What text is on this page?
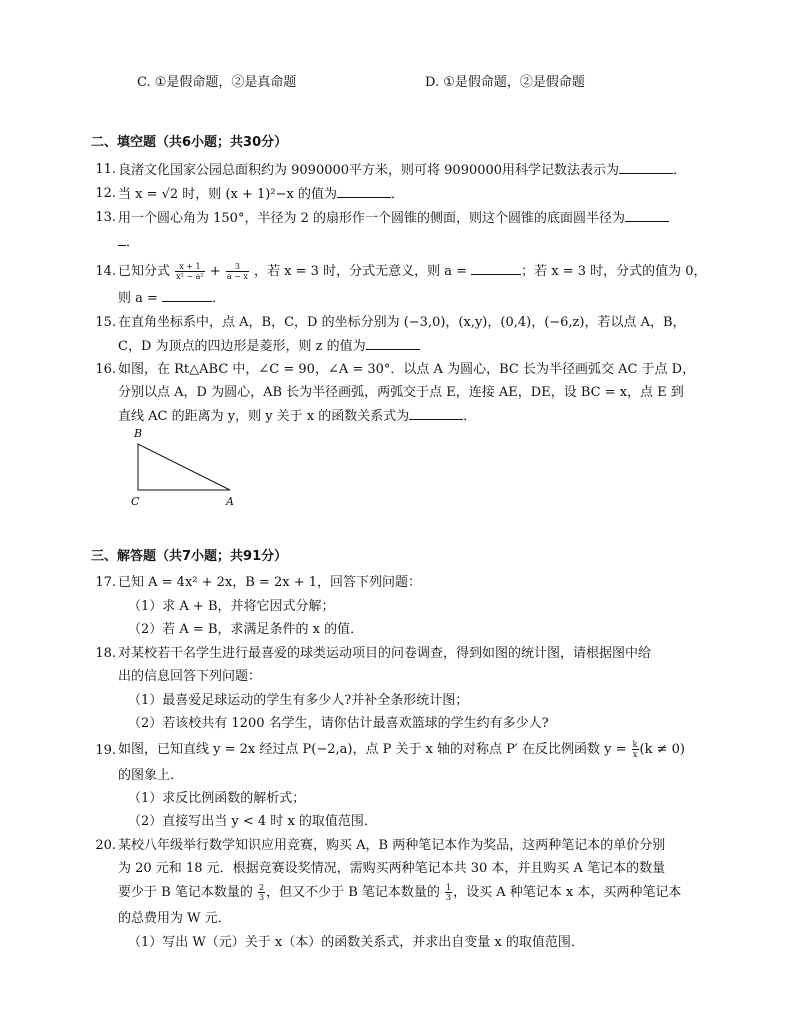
C. ①是假命题，②是真命题	D. ①是假命题，②是假命题
二、填空题（共6小题；共30分）
11. 良渚文化国家公园总面积约为 9090000平方米，则可将 9090000用科学记数法表示为	．
12. 当 x = √2 时，则 (x + 1)²−x 的值为	．
13. 用一个圆心角为 150°，半径为 2 的扇形作一个圆锥的侧面，则这个圆锥的底面圆半径为
．
14. 已知分式 $\frac{x + 1}{\text{x² − a²}} + \frac{3}{a - x}$ ，若 x = 3 时，分式无意义，则 a =	；若 x = 3 时，分式的值为 0，
则 a =	．
15. 在直角坐标系中，点 A，B，C，D 的坐标分别为 (−3,0)，(x,y)，(0,4)，(−6,z)，若以点 A，B，
C，D 为顶点的四边形是菱形，则 z 的值为
16. 如图，在 Rt△ABC 中，∠C = 90，∠A = 30°．以点 A 为圆心，BC 长为半径画弧交 AC 于点 D，
分别以点 A，D 为圆心，AB 长为半径画弧，两弧交于点 E，连接 AE，DE，设 BC = x，点 E 到
直线 AC 的距离为 y，则 y 关于 x 的函数关系式为	．
B
C	A
三、解答题（共7小题；共91分）
17. 已知 A = 4x² + 2x，B = 2x + 1，回答下列问题：
（1）求 A + B，并将它因式分解；
（2）若 A = B，求满足条件的 x 的值．
18. 对某校若干名学生进行最喜爱的球类运动项目的问卷调查，得到如图的统计图，请根据图中给
出的信息回答下列问题：
（1）最喜爱足球运动的学生有多少人?并补全条形统计图；
（2）若该校共有 1200 名学生，请你估计最喜欢篮球的学生约有多少人?
19. 如图，已知直线 y = 2x 经过点 P(−2,a)，点 P 关于 x 轴的对称点 P′ 在反比例函数 $y = \frac{k}{x} (k \ne 0)$
的图象上．
（1）求反比例函数的解析式；
（2）直接写出当 y < 4 时 x 的取值范围．
20. 某校八年级举行数学知识应用竞赛，购买 A，B 两种笔记本作为奖品，这两种笔记本的单价分别
为 20 元和 18 元．根据竞赛设奖情况，需购买两种笔记本共 30 本，并且购买 A 笔记本的数量
要少于 B 笔记本数量的 $\frac{2}{3}$ ，但又不少于 B 笔记本数量的 $\frac{1}{3}$ ，设买 A 种笔记本 x 本，买两种笔记本
的总费用为 W 元．
（1）写出 W（元）关于 x（本）的函数关系式，并求出自变量 x 的取值范围．
